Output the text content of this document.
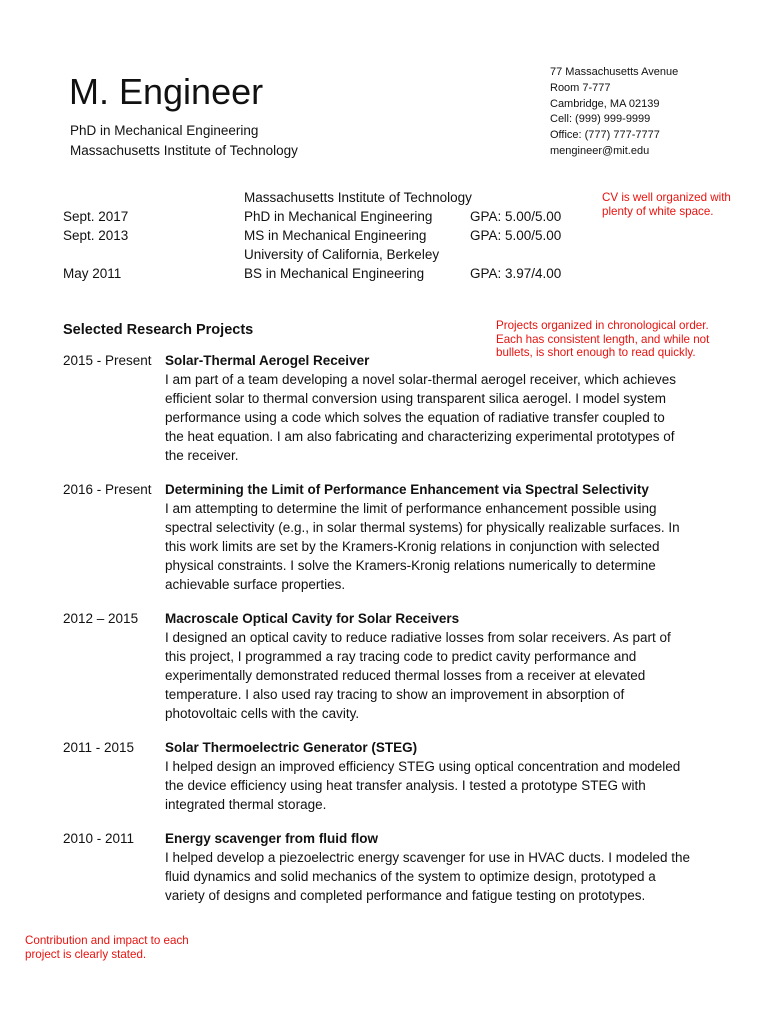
M. Engineer
PhD in Mechanical Engineering
Massachusetts Institute of Technology
77 Massachusetts Avenue
Room 7-777
Cambridge, MA 02139
Cell: (999) 999-9999
Office: (777) 777-7777
mengineer@mit.edu
Massachusetts Institute of Technology
Sept. 2017	PhD in Mechanical Engineering	GPA: 5.00/5.00
Sept. 2013	MS in Mechanical Engineering	GPA: 5.00/5.00
University of California, Berkeley
May 2011	BS in Mechanical Engineering	GPA: 3.97/4.00
CV is well organized with
plenty of white space.
Projects organized in chronological order.
Each has consistent length, and while not
bullets, is short enough to read quickly.
Contribution and impact to each
project is clearly stated.
Selected Research Projects
2015 - Present Solar-Thermal Aerogel Receiver
I am part of a team developing a novel solar-thermal aerogel receiver, which achieves
efficient solar to thermal conversion using transparent silica aerogel. I model system
performance using a code which solves the equation of radiative transfer coupled to
the heat equation. I am also fabricating and characterizing experimental prototypes of
the receiver.
2016 - Present Determining the Limit of Performance Enhancement via Spectral Selectivity
I am attempting to determine the limit of performance enhancement possible using
spectral selectivity (e.g., in solar thermal systems) for physically realizable surfaces. In
this work limits are set by the Kramers-Kronig relations in conjunction with selected
physical constraints. I solve the Kramers-Kronig relations numerically to determine
achievable surface properties.
2012 – 2015 Macroscale Optical Cavity for Solar Receivers
I designed an optical cavity to reduce radiative losses from solar receivers. As part of
this project, I programmed a ray tracing code to predict cavity performance and
experimentally demonstrated reduced thermal losses from a receiver at elevated
temperature. I also used ray tracing to show an improvement in absorption of
photovoltaic cells with the cavity.
2011 - 2015 Solar Thermoelectric Generator (STEG)
I helped design an improved efficiency STEG using optical concentration and modeled
the device efficiency using heat transfer analysis. I tested a prototype STEG with
integrated thermal storage.
2010 - 2011 Energy scavenger from fluid flow
I helped develop a piezoelectric energy scavenger for use in HVAC ducts. I modeled the
fluid dynamics and solid mechanics of the system to optimize design, prototyped a
variety of designs and completed performance and fatigue testing on prototypes.
